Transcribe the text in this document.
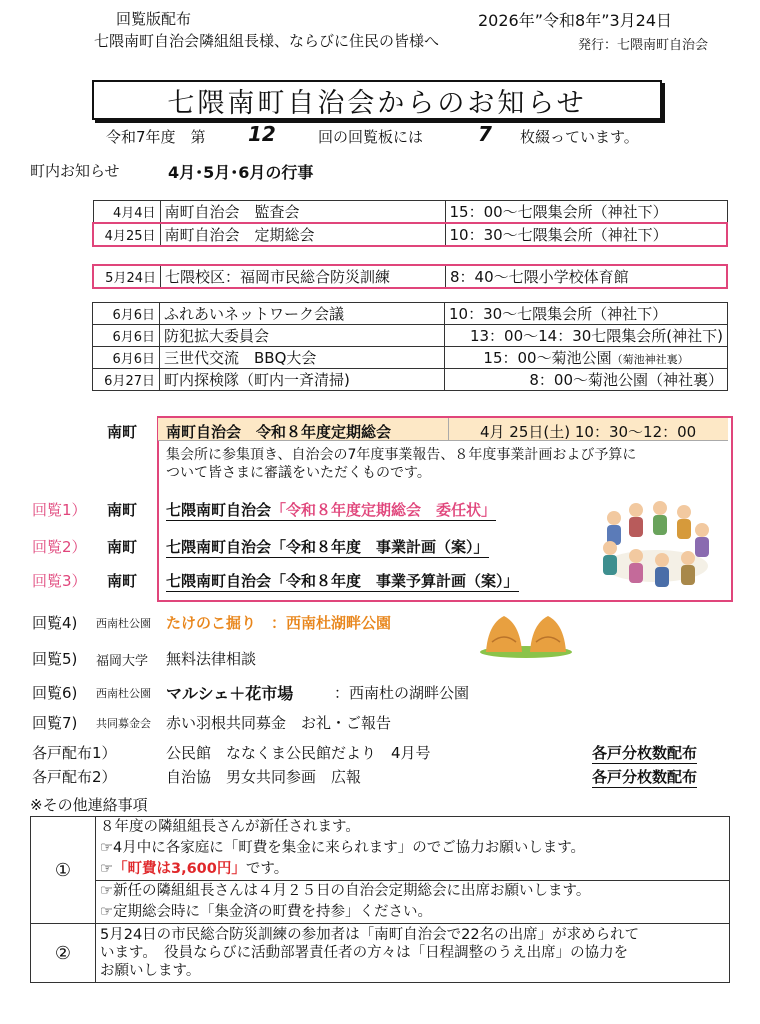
回覧版配布
七隈南町自治会隣組組長様、ならびに住民の皆様へ
2026年”令和8年”3月24日
発行：七隈南町自治会
七隈南町自治会からのお知らせ
令和7年度　第 12	回の回覧板には	7 枚綴っています。
町内お知らせ	4月･5月･6月の行事
4月4日	南町自治会　監査会	15：00～七隈集会所（神社下）
4月25日	南町自治会　定期総会	10：30～七隈集会所（神社下）
5月24日	七隈校区：福岡市民総合防災訓練	8：40～七隈小学校体育館
6月6日	ふれあいネットワーク会議	10：30～七隈集会所（神社下）
6月6日	防犯拡大委員会	13：00～14：30七隈集会所(神社下)
6月6日	三世代交流　BBQ大会	15：00～菊池公園（菊池神社裏）
6月27日	町内探検隊（町内一斉清掃)	8：00～菊池公園（神社裏）
南町 南町自治会　令和８年度定期総会	4月 25日(土) 10：30～12：00
集会所に参集頂き、自治会の7年度事業報告、８年度事業計画および予算に
ついて皆さまに審議をいただくものです。
回覧1） 南町 七隈南町自治会「令和８年度定期総会　委任状」
回覧2） 南町 七隈南町自治会「令和８年度　事業計画（案）」
回覧3） 南町 七隈南町自治会「令和８年度　事業予算計画（案）」
回覧4) 西南杜公園 たけのこ掘り　：西南杜湖畔公園
回覧5) 福岡大学 無料法律相談
回覧6) 西南杜公園 マルシェ＋花市場	：西南杜の湖畔公園
回覧7) 共同募金会 赤い羽根共同募金　お礼・ご報告
各戸配布1）	公民館　ななくま公民館だより　4月号	各戸分枚数配布
各戸配布2）	自治協　男女共同参画　広報	各戸分枚数配布
※その他連絡事項
①	８年度の隣組組長さんが新任されます。
☞4月中に各家庭に「町費を集金に来られます」のでご協力お願いします。
☞「町費は3,600円」です。
☞新任の隣組組長さんは４月２５日の自治会定期総会に出席お願いします。
☞定期総会時に「集金済の町費を持参」ください。

②	5月24日の市民総合防災訓練の参加者は「南町自治会で22名の出席」が求められて
います。　役員ならびに活動部署責任者の方々は「日程調整のうえ出席」の協力を
お願いします。
